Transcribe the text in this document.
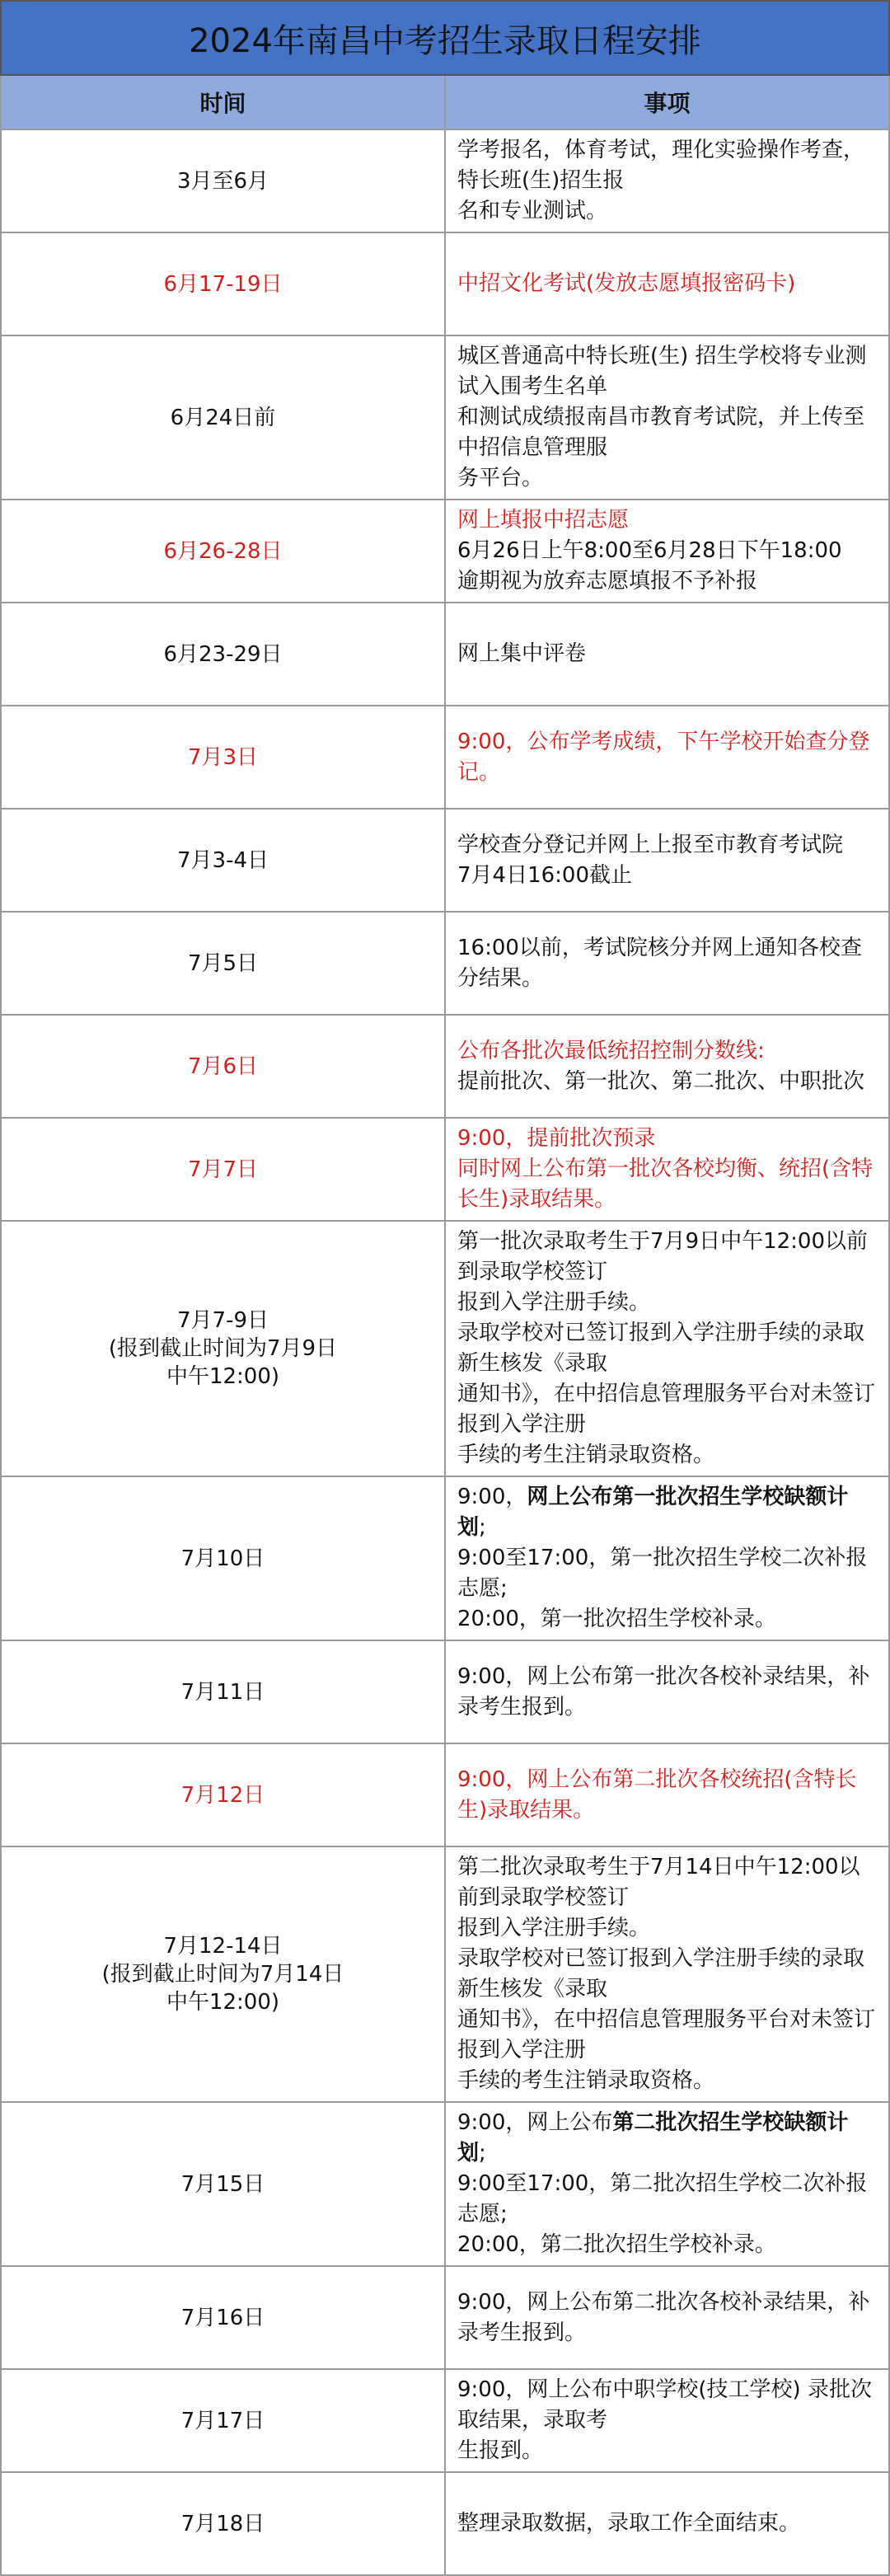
2024年南昌中考招生录取日程安排	
时间	事项
3月至6月	学考报名，体育考试，理化实验操作考查，特长班(生)招生报
名和专业测试。

6月17-19日	中招文化考试(发放志愿填报密码卡)

6月24日前	城区普通高中特长班(生) 招生学校将专业测试入围考生名单
和测试成绩报南昌市教育考试院，并上传至中招信息管理服
务平台。

6月26-28日	网上填报中招志愿
6月26日上午8:00至6月28日下午18:00
逾期视为放弃志愿填报不予补报

6月23-29日	网上集中评卷

7月3日	9:00，公布学考成绩，下午学校开始查分登记。

7月3-4日	学校查分登记并网上上报至市教育考试院
7月4日16:00截止

7月5日	16:00以前，考试院核分并网上通知各校查分结果。

7月6日	公布各批次最低统招控制分数线:
提前批次、第一批次、第二批次、中职批次

7月7日	9:00，提前批次预录
同时网上公布第一批次各校均衡、统招(含特长生)录取结果。

7月7-9日
(报到截止时间为7月9日
中午12:00)	第一批次录取考生于7月9日中午12:00以前到录取学校签订
报到入学注册手续。
录取学校对已签订报到入学注册手续的录取新生核发《录取
通知书》，在中招信息管理服务平台对未签订报到入学注册
手续的考生注销录取资格。

7月10日	9:00，网上公布第一批次招生学校缺额计划;
9:00至17:00，第一批次招生学校二次补报志愿;
20:00，第一批次招生学校补录。

7月11日	9:00，网上公布第一批次各校补录结果，补录考生报到。

7月12日	9:00，网上公布第二批次各校统招(含特长生)录取结果。

7月12-14日
(报到截止时间为7月14日
中午12:00)	第二批次录取考生于7月14日中午12:00以前到录取学校签订
报到入学注册手续。
录取学校对已签订报到入学注册手续的录取新生核发《录取
通知书》，在中招信息管理服务平台对未签订报到入学注册
手续的考生注销录取资格。

7月15日	9:00，网上公布第二批次招生学校缺额计划;
9:00至17:00，第二批次招生学校二次补报志愿;
20:00，第二批次招生学校补录。

7月16日	9:00，网上公布第二批次各校补录结果，补录考生报到。

7月17日	9:00，网上公布中职学校(技工学校) 录批次取结果，录取考
生报到。

7月18日	整理录取数据，录取工作全面结束。
